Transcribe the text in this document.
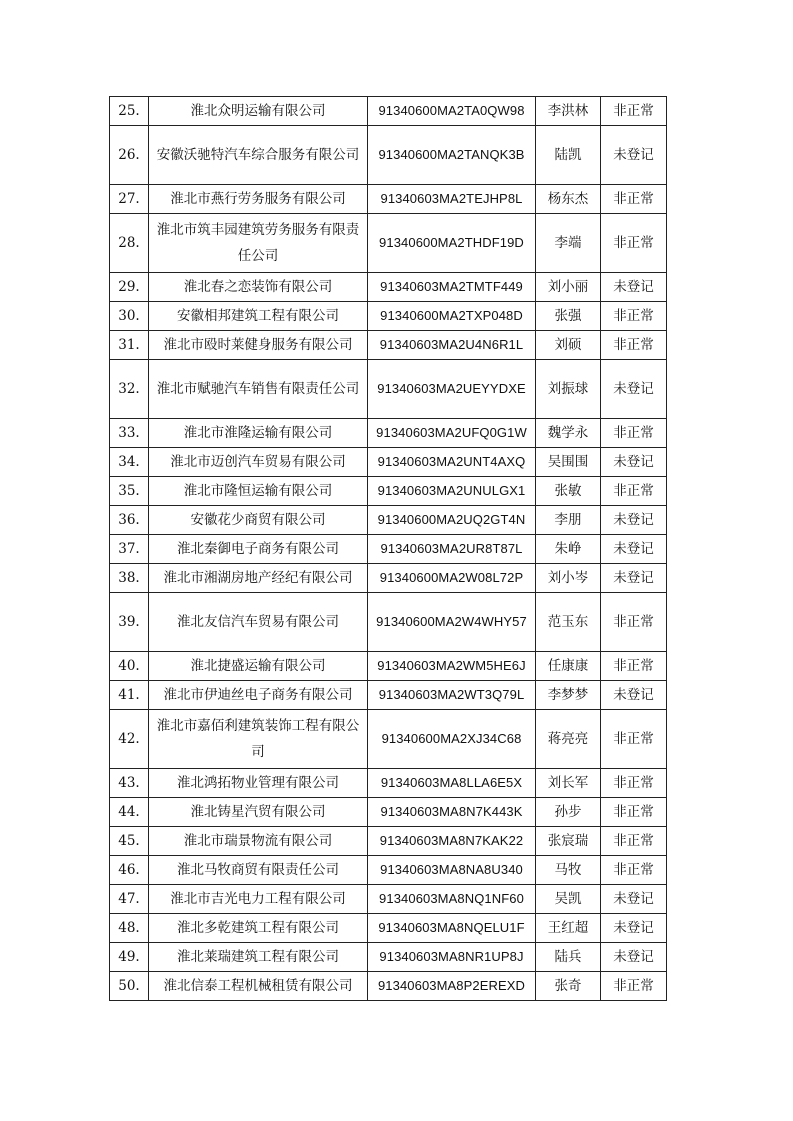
25.	淮北众明运输有限公司	91340600MA2TA0QW98	李洪林	非正常
26.	安徽沃驰特汽车综合服务有限公司	91340600MA2TANQK3B	陆凯	未登记
27.	淮北市燕行劳务服务有限公司	91340603MA2TEJHP8L	杨东杰	非正常
28.	淮北市筑丰园建筑劳务服务有限责任公司	91340600MA2THDF19D	李端	非正常
29.	淮北春之恋装饰有限公司	91340603MA2TMTF449	刘小丽	未登记
30.	安徽相邦建筑工程有限公司	91340600MA2TXP048D	张强	非正常
31.	淮北市殴时莱健身服务有限公司	91340603MA2U4N6R1L	刘硕	非正常
32.	淮北市赋驰汽车销售有限责任公司	91340603MA2UEYYDXE	刘振球	未登记
33.	淮北市淮隆运输有限公司	91340603MA2UFQ0G1W	魏学永	非正常
34.	淮北市迈创汽车贸易有限公司	91340603MA2UNT4AXQ	吴围围	未登记
35.	淮北市隆恒运输有限公司	91340603MA2UNULGX1	张敏	非正常
36.	安徽花少商贸有限公司	91340600MA2UQ2GT4N	李朋	未登记
37.	淮北秦御电子商务有限公司	91340603MA2UR8T87L	朱峥	未登记
38.	淮北市湘湖房地产经纪有限公司	91340600MA2W08L72P	刘小岑	未登记
39.	淮北友信汽车贸易有限公司	91340600MA2W4WHY57	范玉东	非正常
40.	淮北捷盛运输有限公司	91340603MA2WM5HE6J	任康康	非正常
41.	淮北市伊迪丝电子商务有限公司	91340603MA2WT3Q79L	李梦梦	未登记
42.	淮北市嘉佰利建筑装饰工程有限公司	91340600MA2XJ34C68	蒋亮亮	非正常
43.	淮北鸿拓物业管理有限公司	91340603MA8LLA6E5X	刘长军	非正常
44.	淮北铸星汽贸有限公司	91340603MA8N7K443K	孙步	非正常
45.	淮北市瑞景物流有限公司	91340603MA8N7KAK22	张宸瑞	非正常
46.	淮北马牧商贸有限责任公司	91340603MA8NA8U340	马牧	非正常
47.	淮北市吉光电力工程有限公司	91340603MA8NQ1NF60	吴凯	未登记
48.	淮北多乾建筑工程有限公司	91340603MA8NQELU1F	王红超	未登记
49.	淮北莱瑞建筑工程有限公司	91340603MA8NR1UP8J	陆兵	未登记
50.	淮北信泰工程机械租赁有限公司	91340603MA8P2EREXD	张奇	非正常
